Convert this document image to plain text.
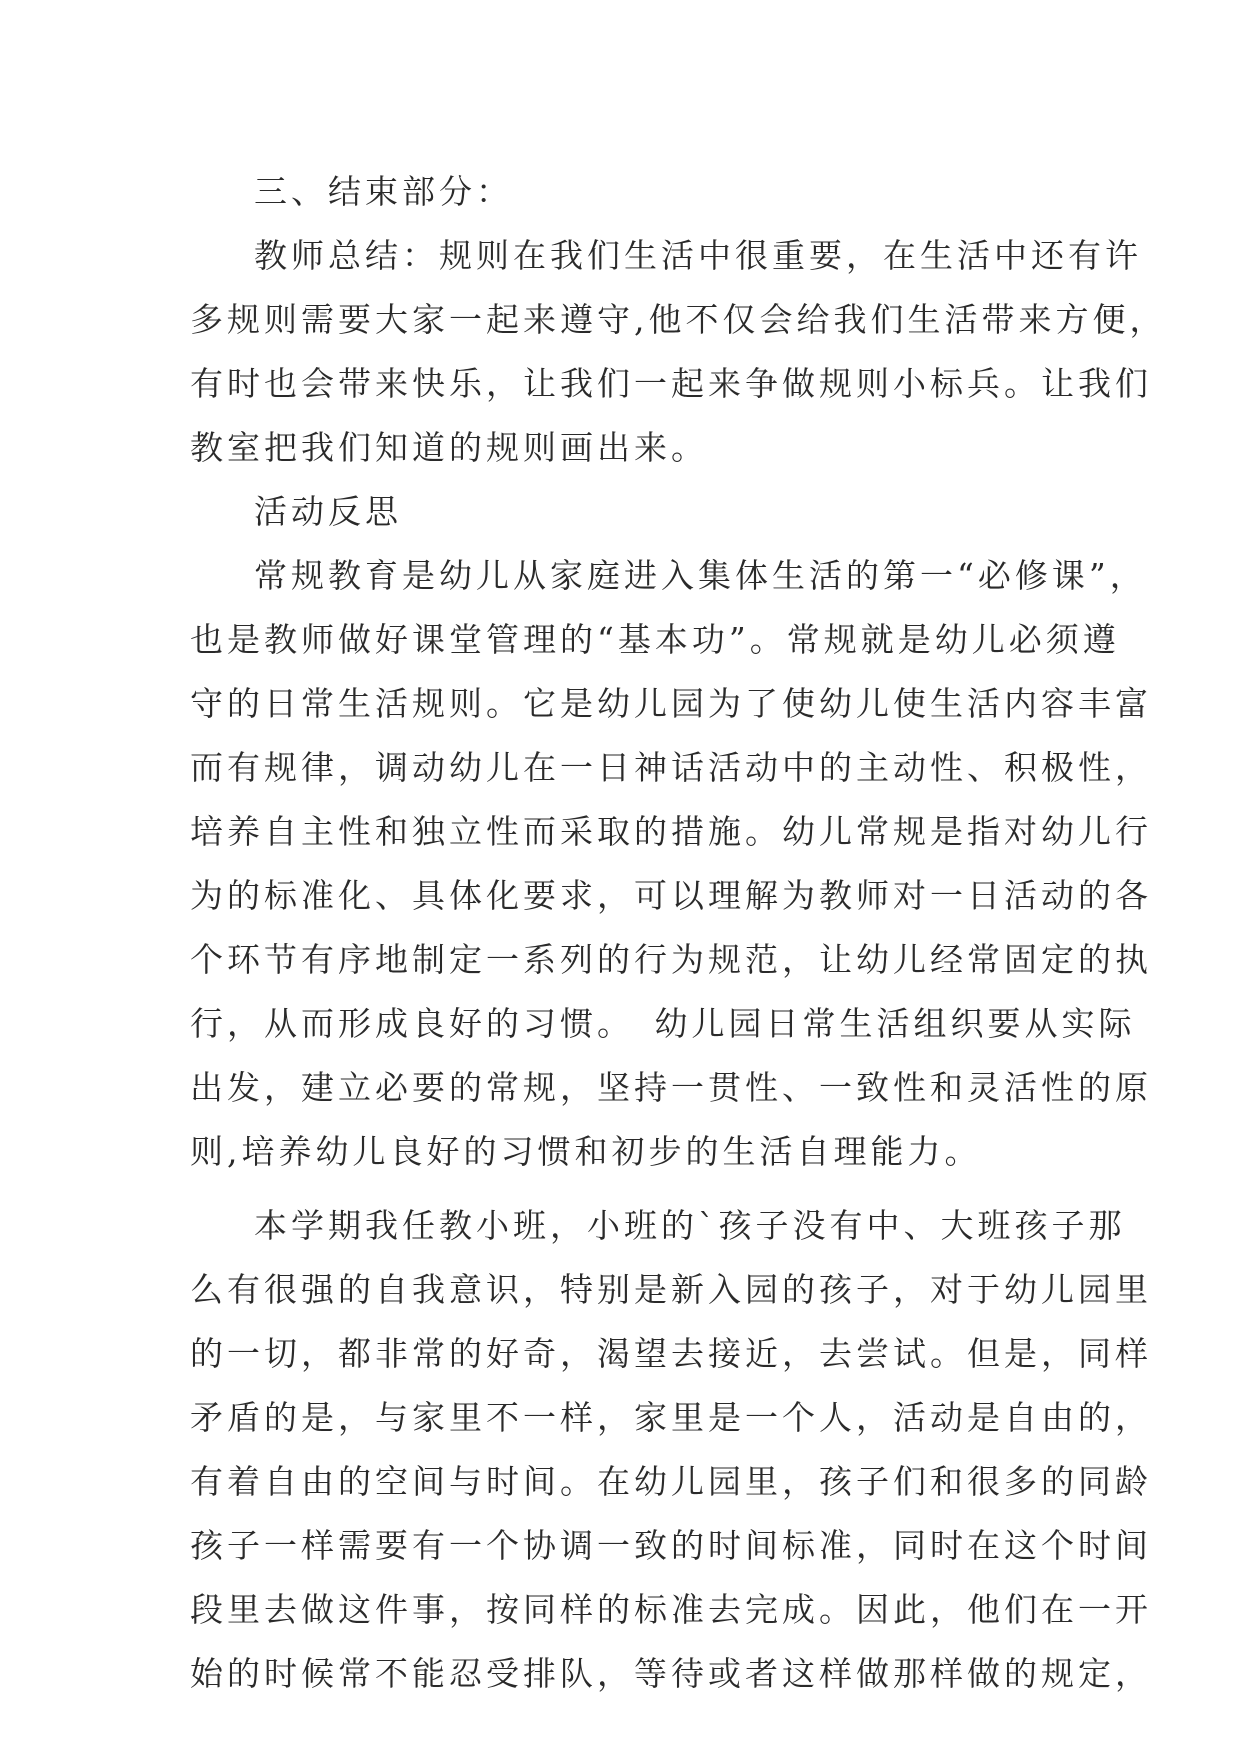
三、结束部分：
教师总结：规则在我们生活中很重要，在生活中还有许
多规则需要大家一起来遵守,他不仅会给我们生活带来方便，
有时也会带来快乐，让我们一起来争做规则小标兵。让我们
教室把我们知道的规则画出来。
活动反思
常规教育是幼儿从家庭进入集体生活的第一“必修课”，
也是教师做好课堂管理的“基本功”。常规就是幼儿必须遵
守的日常生活规则。它是幼儿园为了使幼儿使生活内容丰富
而有规律，调动幼儿在一日神话活动中的主动性、积极性，
培养自主性和独立性而采取的措施。幼儿常规是指对幼儿行
为的标准化、具体化要求，可以理解为教师对一日活动的各
个环节有序地制定一系列的行为规范，让幼儿经常固定的执
行，从而形成良好的习惯。　幼儿园日常生活组织要从实际
出发，建立必要的常规，坚持一贯性、一致性和灵活性的原
则,培养幼儿良好的习惯和初步的生活自理能力。
本学期我任教小班，小班的`孩子没有中、大班孩子那
么有很强的自我意识，特别是新入园的孩子，对于幼儿园里
的一切，都非常的好奇，渴望去接近，去尝试。但是，同样
矛盾的是，与家里不一样，家里是一个人，活动是自由的，
有着自由的空间与时间。在幼儿园里，孩子们和很多的同龄
孩子一样需要有一个协调一致的时间标准，同时在这个时间
段里去做这件事，按同样的标准去完成。因此，他们在一开
始的时候常不能忍受排队，等待或者这样做那样做的规定，
